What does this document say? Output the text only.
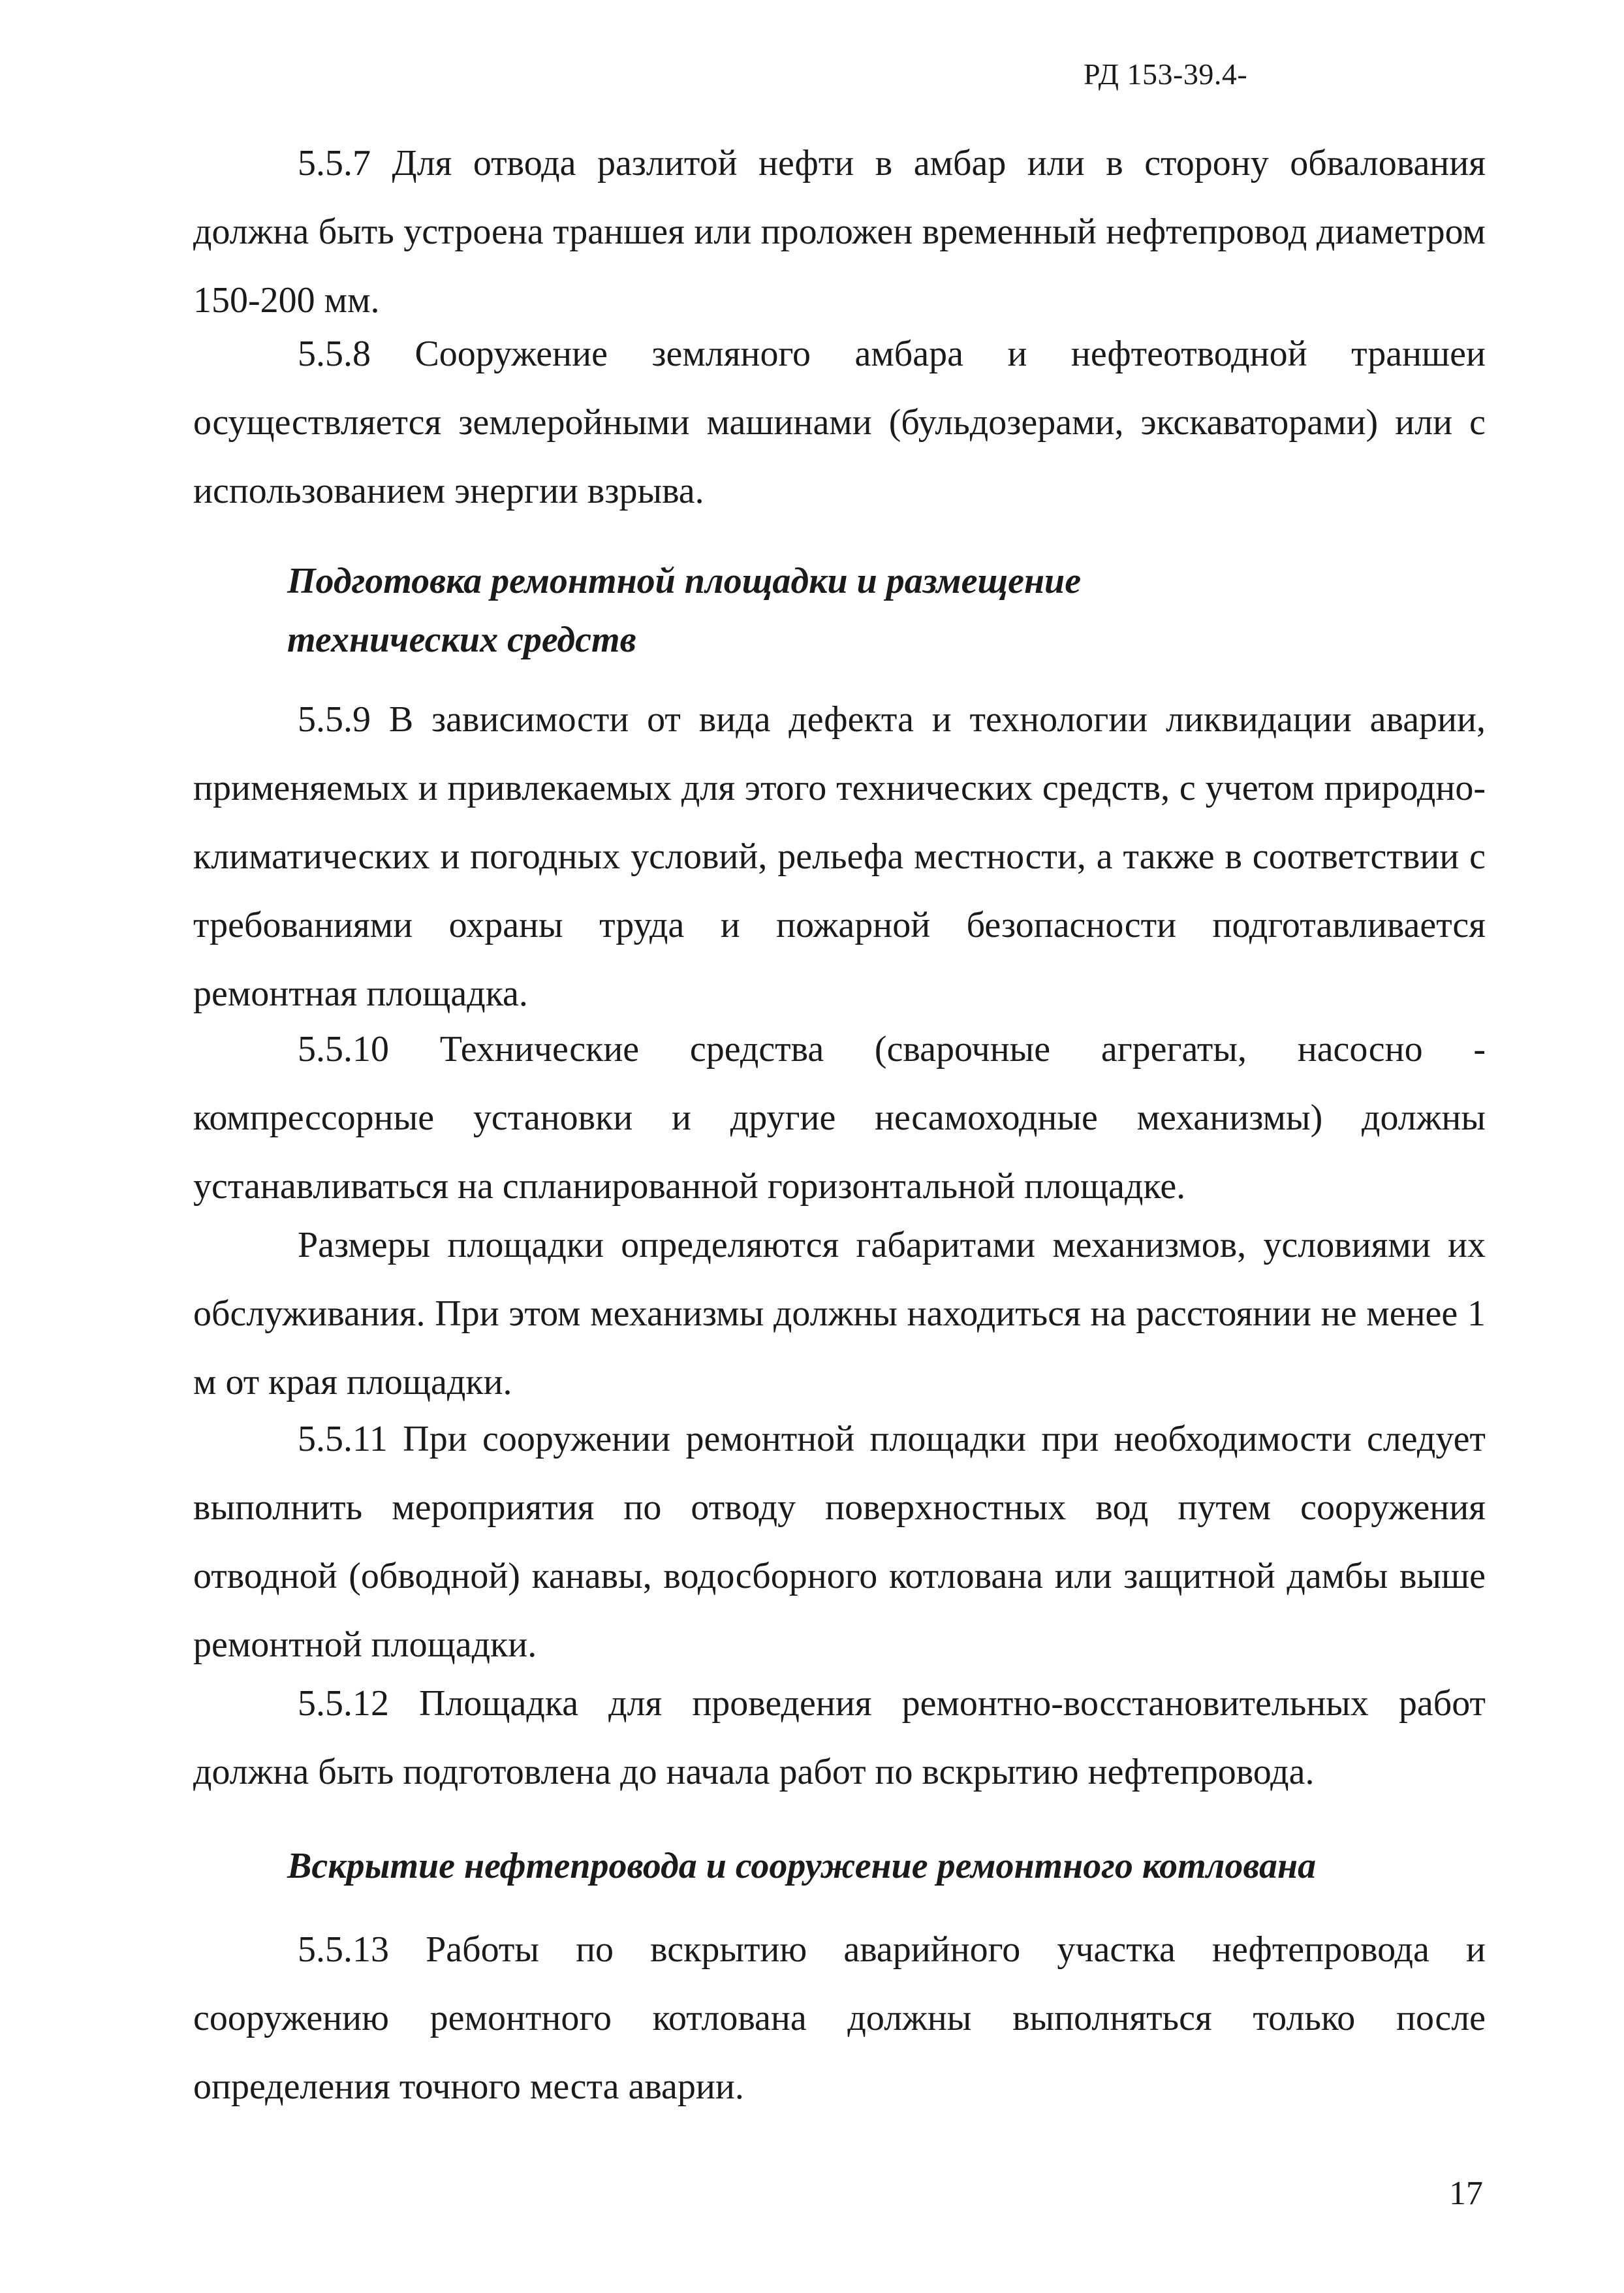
РД 153-39.4-

5.5.7 Для отвода разлитой нефти в амбар или в сторону обвалования должна быть устроена траншея или проложен временный нефтепровод диаметром 150-200 мм.

5.5.8 Сооружение земляного амбара и нефтеотводной траншеи осуществляется землеройными машинами (бульдозерами, экскаваторами) или с использованием энергии взрыва.

Подготовка ремонтной площадки и размещение
технических средств

5.5.9 В зависимости от вида дефекта и технологии ликвидации аварии, применяемых и привлекаемых для этого технических средств, с учетом природно-климатических и погодных условий, рельефа местности, а также в соответствии с требованиями охраны труда и пожарной безопасности подготавливается ремонтная площадка.

5.5.10 Технические средства (сварочные агрегаты, насосно - компрессорные установки и другие несамоходные механизмы) должны устанавливаться на спланированной горизонтальной площадке.

Размеры площадки определяются габаритами механизмов, условиями их обслуживания. При этом механизмы должны находиться на расстоянии не менее 1 м от края площадки.

5.5.11 При сооружении ремонтной площадки при необходимости следует выполнить мероприятия по отводу поверхностных вод путем сооружения отводной (обводной) канавы, водосборного котлована или защитной дамбы выше ремонтной площадки.

5.5.12 Площадка для проведения ремонтно-восстановительных работ должна быть подготовлена до начала работ по вскрытию нефтепровода.

Вскрытие нефтепровода и сооружение ремонтного котлована

5.5.13 Работы по вскрытию аварийного участка нефтепровода и сооружению ремонтного котлована должны выполняться только после определения точного места аварии.

17
